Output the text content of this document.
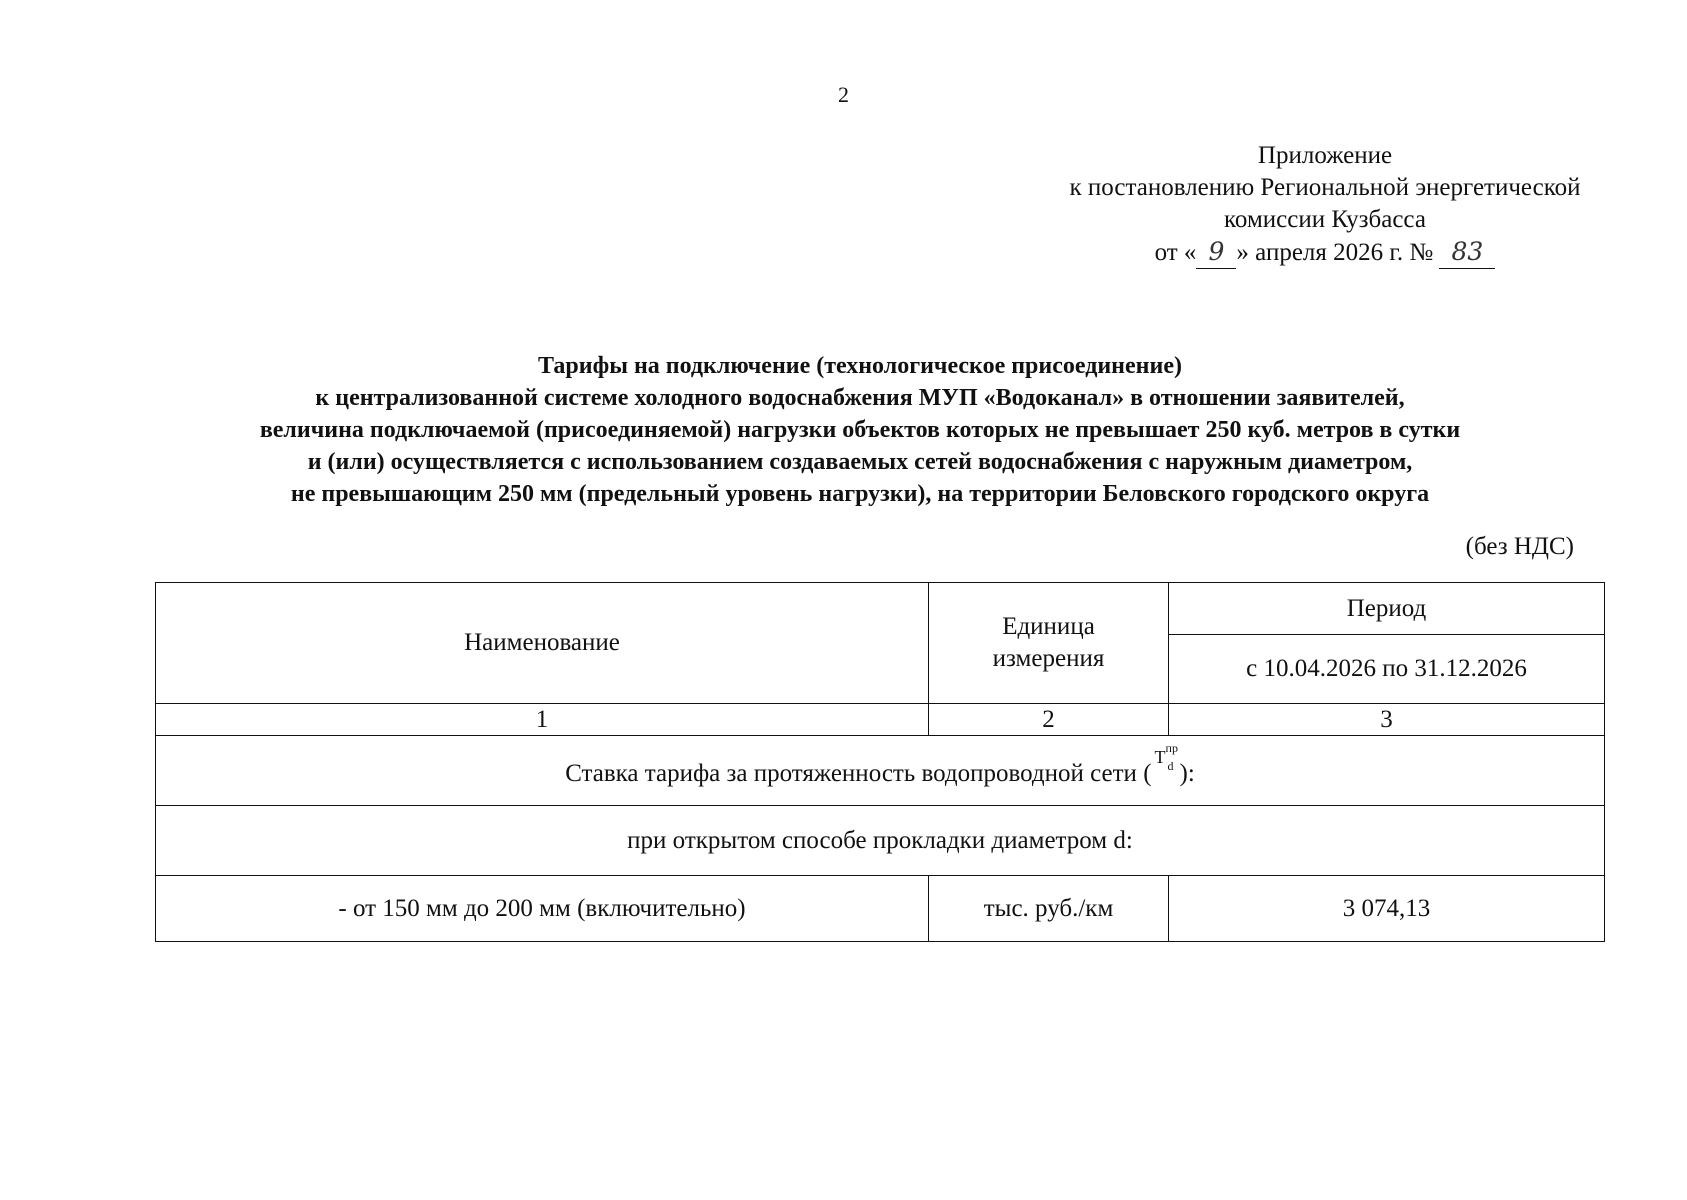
2
Приложение
к постановлению Региональной энергетической
комиссии Кузбасса
от « 9 » апреля 2026 г. № 83
Тарифы на подключение (технологическое присоединение)
к централизованной системе холодного водоснабжения МУП «Водоканал» в отношении заявителей,
величина подключаемой (присоединяемой) нагрузки объектов которых не превышает 250 куб. метров в сутки
и (или) осуществляется с использованием создаваемых сетей водоснабжения с наружным диаметром,
не превышающим 250 мм (предельный уровень нагрузки), на территории Беловского городского округа
(без НДС)
Наименование	Единица измерения	Период
		с 10.04.2026 по 31.12.2026
1	2	3
Ставка тарифа за протяженность водопроводной сети (
T пр
d ):		
при открытом способе прокладки диаметром d:		
- от 150 мм до 200 мм (включительно)	тыс. руб./км	3 074,13
